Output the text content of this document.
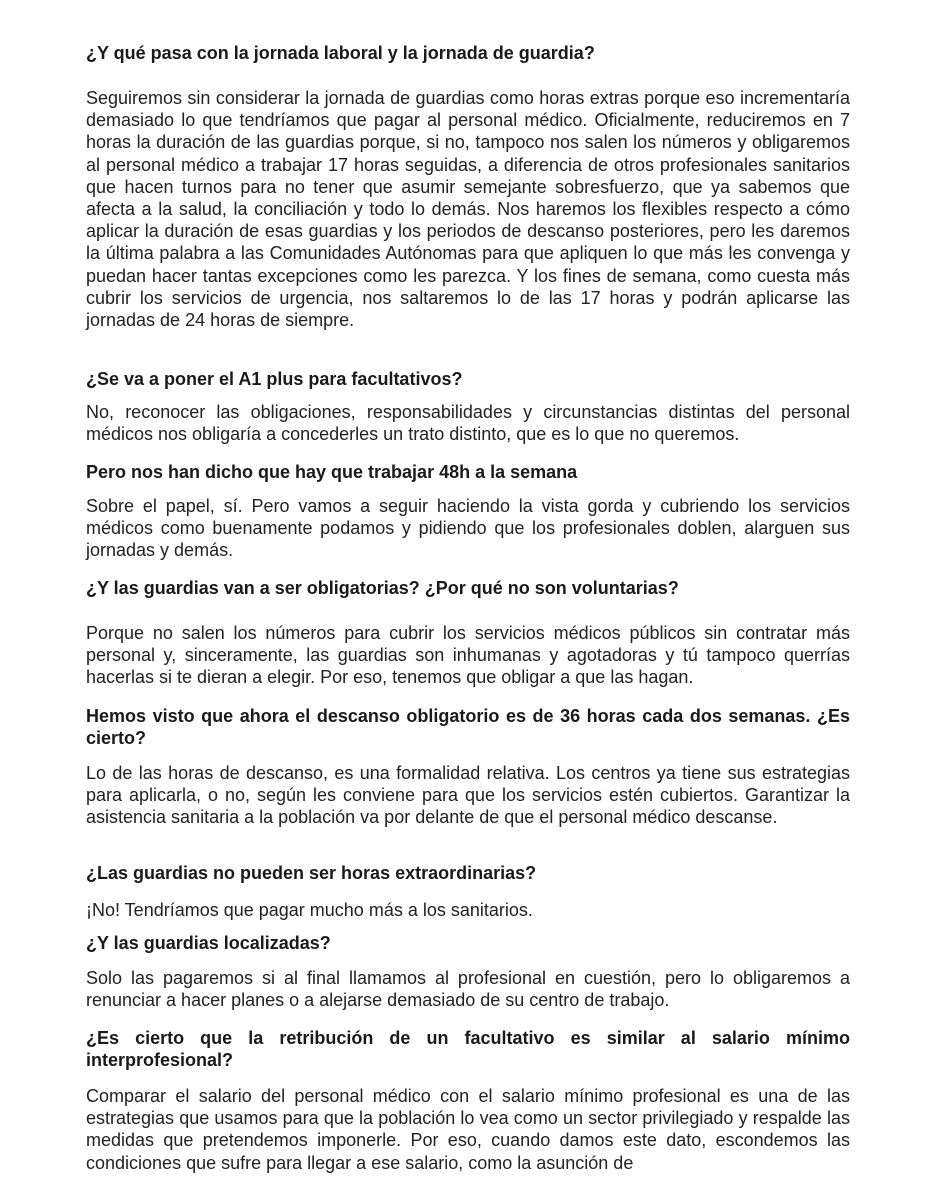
¿Y qué pasa con la jornada laboral y la jornada de guardia?

Seguiremos sin considerar la jornada de guardias como horas extras porque eso incrementaría demasiado lo que tendríamos que pagar al personal médico. Oficialmente, reduciremos en 7 horas la duración de las guardias porque, si no, tampoco nos salen los números y obligaremos al personal médico a trabajar 17 horas seguidas, a diferencia de otros profesionales sanitarios que hacen turnos para no tener que asumir semejante sobresfuerzo, que ya sabemos que afecta a la salud, la conciliación y todo lo demás. Nos haremos los flexibles respecto a cómo aplicar la duración de esas guardias y los periodos de descanso posteriores, pero les daremos la última palabra a las Comunidades Autónomas para que apliquen lo que más les convenga y puedan hacer tantas excepciones como les parezca. Y los fines de semana, como cuesta más cubrir los servicios de urgencia, nos saltaremos lo de las 17 horas y podrán aplicarse las jornadas de 24 horas de siempre.

¿Se va a poner el A1 plus para facultativos?

No, reconocer las obligaciones, responsabilidades y circunstancias distintas del personal médicos nos obligaría a concederles un trato distinto, que es lo que no queremos.

Pero nos han dicho que hay que trabajar 48h a la semana

Sobre el papel, sí. Pero vamos a seguir haciendo la vista gorda y cubriendo los servicios médicos como buenamente podamos y pidiendo que los profesionales doblen, alarguen sus jornadas y demás.

¿Y las guardias van a ser obligatorias? ¿Por qué no son voluntarias?

Porque no salen los números para cubrir los servicios médicos públicos sin contratar más personal y, sinceramente, las guardias son inhumanas y agotadoras y tú tampoco querrías hacerlas si te dieran a elegir. Por eso, tenemos que obligar a que las hagan.

Hemos visto que ahora el descanso obligatorio es de 36 horas cada dos semanas. ¿Es cierto?

Lo de las horas de descanso, es una formalidad relativa. Los centros ya tiene sus estrategias para aplicarla, o no, según les conviene para que los servicios estén cubiertos. Garantizar la asistencia sanitaria a la población va por delante de que el personal médico descanse.

¿Las guardias no pueden ser horas extraordinarias?

¡No! Tendríamos que pagar mucho más a los sanitarios.

¿Y las guardias localizadas?

Solo las pagaremos si al final llamamos al profesional en cuestión, pero lo obligaremos a renunciar a hacer planes o a alejarse demasiado de su centro de trabajo.

¿Es cierto que la retribución de un facultativo es similar al salario mínimo interprofesional?

Comparar el salario del personal médico con el salario mínimo profesional es una de las estrategias que usamos para que la población lo vea como un sector privilegiado y respalde las medidas que pretendemos imponerle. Por eso, cuando damos este dato, escondemos las condiciones que sufre para llegar a ese salario, como la asunción de
